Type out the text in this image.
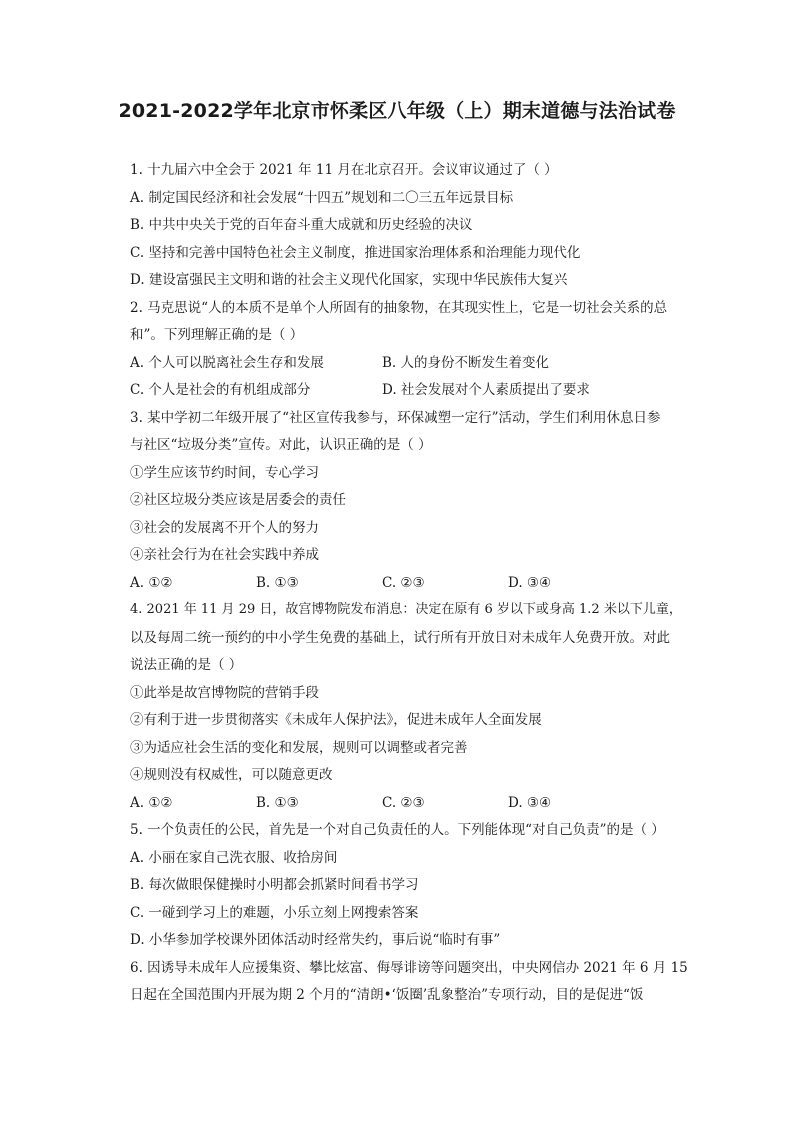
2021-2022学年北京市怀柔区八年级（上）期末道德与法治试卷
1. 十九届六中全会于 2021 年 11 月在北京召开。会议审议通过了（ ）
A. 制定国民经济和社会发展“十四五”规划和二〇三五年远景目标
B. 中共中央关于党的百年奋斗重大成就和历史经验的决议
C. 坚持和完善中国特色社会主义制度，推进国家治理体系和治理能力现代化
D. 建设富强民主文明和谐的社会主义现代化国家，实现中华民族伟大复兴
2. 马克思说“人的本质不是单个人所固有的抽象物，在其现实性上，它是一切社会关系的总
和”。下列理解正确的是（ ）
A. 个人可以脱离社会生存和发展	B. 人的身份不断发生着变化
C. 个人是社会的有机组成部分	D. 社会发展对个人素质提出了要求
3. 某中学初二年级开展了“社区宣传我参与，环保减塑一定行”活动，学生们利用休息日参
与社区“垃圾分类”宣传。对此，认识正确的是（ ）
①学生应该节约时间，专心学习
②社区垃圾分类应该是居委会的责任
③社会的发展离不开个人的努力
④亲社会行为在社会实践中养成
A. ①②	B. ①③	C. ②③	D. ③④
4. 2021 年 11 月 29 日，故宫博物院发布消息：决定在原有 6 岁以下或身高 1.2 米以下儿童，
以及每周二统一预约的中小学生免费的基础上，试行所有开放日对未成年人免费开放。对此
说法正确的是（ ）
①此举是故宫博物院的营销手段
②有利于进一步贯彻落实《未成年人保护法》，促进未成年人全面发展
③为适应社会生活的变化和发展，规则可以调整或者完善
④规则没有权威性，可以随意更改
A. ①②	B. ①③	C. ②③	D. ③④
5. 一个负责任的公民，首先是一个对自己负责任的人。下列能体现“对自己负责”的是（ ）
A. 小丽在家自己洗衣服、收拾房间
B. 每次做眼保健操时小明都会抓紧时间看书学习
C. 一碰到学习上的难题，小乐立刻上网搜索答案
D. 小华参加学校课外团体活动时经常失约，事后说“临时有事”
6. 因诱导未成年人应援集资、攀比炫富、侮辱诽谤等问题突出，中央网信办 2021 年 6 月 15
日起在全国范围内开展为期 2 个月的“清朗•‘饭圈’乱象整治”专项行动，目的是促进“饭
